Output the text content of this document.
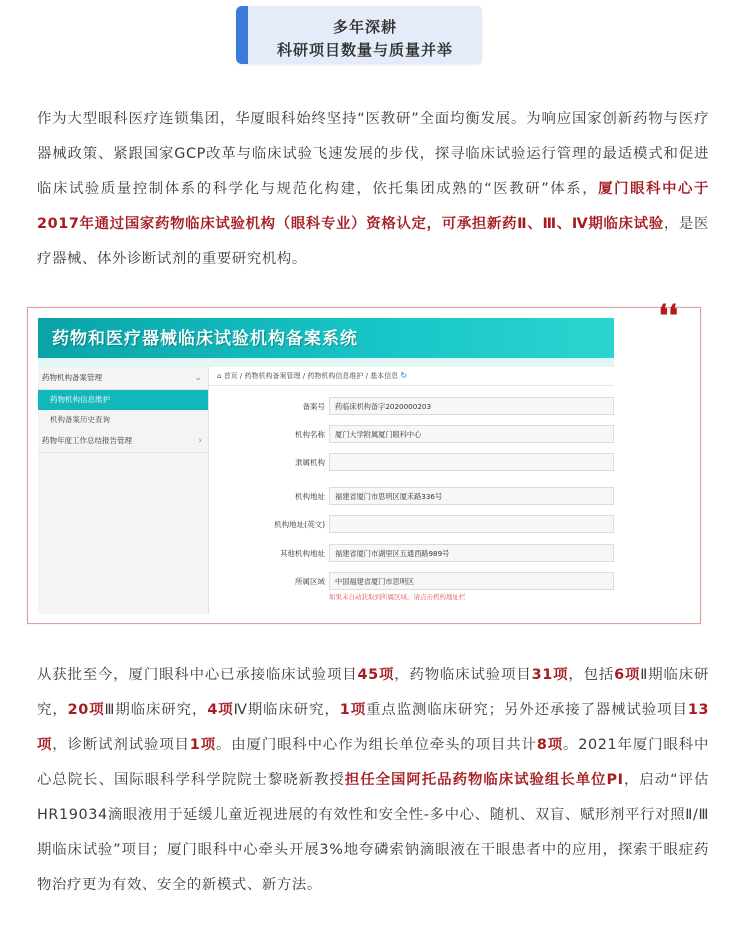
多年深耕
科研项目数量与质量并举
作为大型眼科医疗连锁集团，华厦眼科始终坚持“医教研”全面均衡发展。为响应国家创新药物与医疗器械政策、紧跟国家GCP改革与临床试验飞速发展的步伐，探寻临床试验运行管理的最适模式和促进临床试验质量控制体系的科学化与规范化构建，依托集团成熟的“医教研”体系，厦门眼科中心于2017年通过国家药物临床试验机构（眼科专业）资格认定，可承担新药Ⅱ、Ⅲ、Ⅳ期临床试验，是医疗器械、体外诊断试剂的重要研究机构。
❛❛
药物和医疗器械临床试验机构备案系统
药物机构备案管理	⌄
药物机构信息维护
机构备案历史查询
药物年度工作总结报告管理	›
⌂ 首页 / 药物机构备案管理 / 药物机构信息维护 / 基本信息 ↻
备案号	药临床机构备字2020000203
机构名称	厦门大学附属厦门眼科中心
隶属机构
机构地址	福建省厦门市思明区厦禾路336号
机构地址(英文)
其他机构地址	福建省厦门市湖里区五通西路989号
所属区域	中国福建省厦门市思明区
如果未自动获取到所属区域，请点击机构地址栏
从获批至今，厦门眼科中心已承接临床试验项目45项，药物临床试验项目31项，包括6项Ⅱ期临床研究，20项Ⅲ期临床研究，4项Ⅳ期临床研究，1项重点监测临床研究；另外还承接了器械试验项目13项，诊断试剂试验项目1项。由厦门眼科中心作为组长单位牵头的项目共计8项。2021年厦门眼科中心总院长、国际眼科学科学院院士黎晓新教授担任全国阿托品药物临床试验组长单位PI，启动“评估HR19034滴眼液用于延缓儿童近视进展的有效性和安全性-多中心、随机、双盲、赋形剂平行对照Ⅱ/Ⅲ期临床试验”项目；厦门眼科中心牵头开展3%地夸磷索钠滴眼液在干眼患者中的应用，探索干眼症药物治疗更为有效、安全的新模式、新方法。
